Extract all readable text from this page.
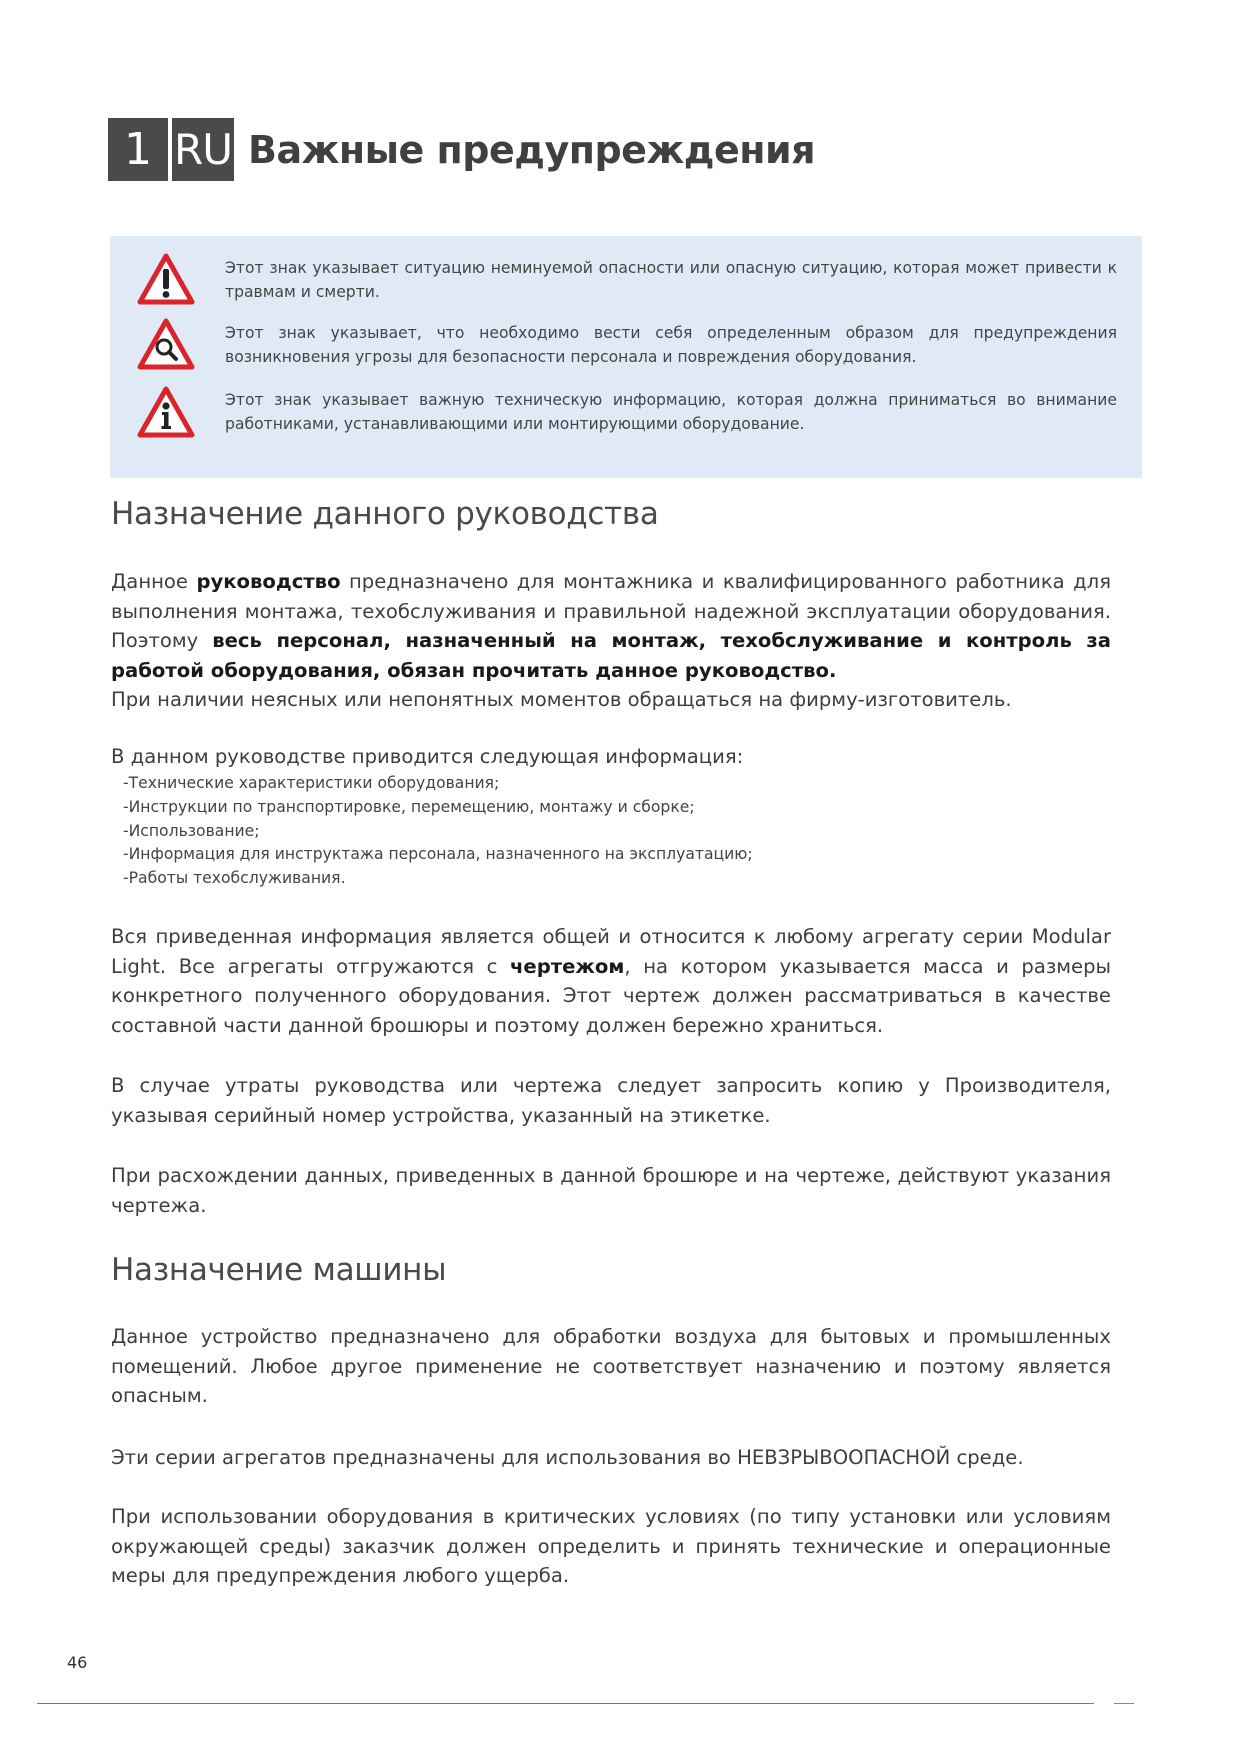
1 RU Важные предупреждения
Этот знак указывает ситуацию неминуемой опасности или опасную ситуацию, которая может привести к травмам и смерти.
Этот знак указывает, что необходимо вести себя определенным образом для предупреждения возникновения угрозы для безопасности персонала и повреждения оборудования.
Этот знак указывает важную техническую информацию, которая должна приниматься во внимание работниками, устанавливающими или монтирующими оборудование.
Назначение данного руководства

Данное руководство предназначено для монтажника и квалифицированного работника для выполнения монтажа, техобслуживания и правильной надежной эксплуатации оборудования. Поэтому весь персонал, назначенный на монтаж, техобслуживание и контроль за работой оборудования, обязан прочитать данное руководство.
При наличии неясных или непонятных моментов обращаться на фирму-изготовитель.

В данном руководстве приводится следующая информация:
-Технические характеристики оборудования;
-Инструкции по транспортировке, перемещению, монтажу и сборке;
-Использование;
-Информация для инструктажа персонала, назначенного на эксплуатацию;
-Работы техобслуживания.

Вся приведенная информация является общей и относится к любому агрегату серии Modular Light. Все агрегаты отгружаются с чертежом, на котором указывается масса и размеры конкретного полученного оборудования. Этот чертеж должен рассматриваться в качестве составной части данной брошюры и поэтому должен бережно храниться.

В случае утраты руководства или чертежа следует запросить копию у Производителя, указывая серийный номер устройства, указанный на этикетке.

При расхождении данных, приведенных в данной брошюре и на чертеже, действуют указания чертежа.

Назначение машины

Данное устройство предназначено для обработки воздуха для бытовых и промышленных помещений. Любое другое применение не соответствует назначению и поэтому является опасным.

Эти серии агрегатов предназначены для использования во НЕВЗРЫВООПАСНОЙ среде.

При использовании оборудования в критических условиях (по типу установки или условиям окружающей среды) заказчик должен определить и принять технические и операционные меры для предупреждения любого ущерба.

46
